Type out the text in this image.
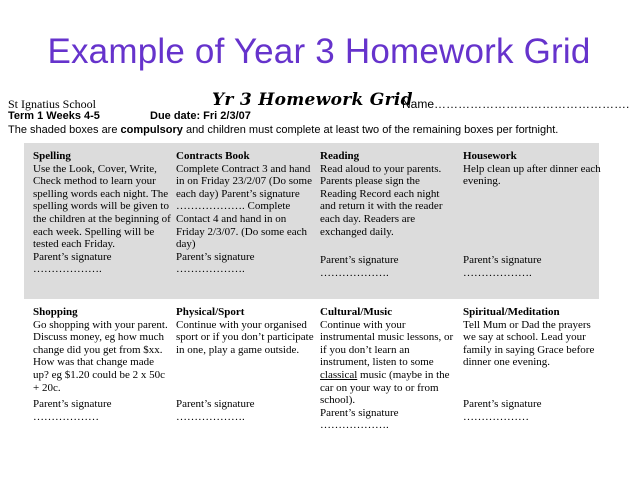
Example of Year 3 Homework Grid
St Ignatius School	Yr 3 Homework Grid
Name………………………………………….
Term 1 Weeks 4-5	Due date: Fri 2/3/07
The shaded boxes are compulsory and children must complete at least two of the remaining boxes per fortnight.
Spelling
Use the Look, Cover, Write, Check method to learn your spelling words each night. The spelling words will be given to the children at the beginning of each week. Spelling will be tested each Friday.
Parent’s signature
……………….
Contracts Book
Complete Contract 3 and hand in on Friday 23/2/07 (Do some each day) Parent’s signature ………………. Complete Contact 4 and hand in on Friday 2/3/07. (Do some each day)
Parent’s signature
……………….
Reading
Read aloud to your parents. Parents please sign the Reading Record each night and return it with the reader each day. Readers are exchanged daily.
Parent’s signature
……………….
Housework
Help clean up after dinner each evening.
Parent’s signature
……………….
Shopping
Go shopping with your parent. Discuss money, eg how much change did you get from $xx. How was that change made up? eg $1.20 could be 2 x 50c + 20c.
Parent’s signature
………………
Physical/Sport
Continue with your organised sport or if you don’t participate in one, play a game outside.
Parent’s signature
……………….
Cultural/Music
Continue with your instrumental music lessons, or if you don’t learn an instrument, listen to some classical music (maybe in the car on your way to or from school).
Parent’s signature
……………….
Spiritual/Meditation
Tell Mum or Dad the prayers we say at school. Lead your family in saying Grace before dinner one evening.
Parent’s signature
………………
